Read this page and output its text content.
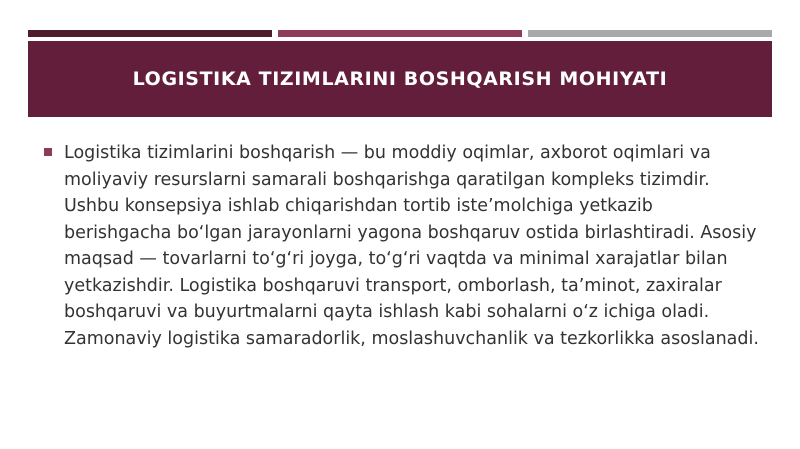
LOGISTIKA TIZIMLARINI BOSHQARISH MOHIYATI
Logistika tizimlarini boshqarish — bu moddiy oqimlar, axborot oqimlari va moliyaviy resurslarni samarali boshqarishga qaratilgan kompleks tizimdir. Ushbu konsepsiya ishlab chiqarishdan tortib iste’molchiga yetkazib berishgacha bo‘lgan jarayonlarni yagona boshqaruv ostida birlashtiradi. Asosiy maqsad — tovarlarni to‘g‘ri joyga, to‘g‘ri vaqtda va minimal xarajatlar bilan yetkazishdir. Logistika boshqaruvi transport, omborlash, ta’minot, zaxiralar boshqaruvi va buyurtmalarni qayta ishlash kabi sohalarni o‘z ichiga oladi. Zamonaviy logistika samaradorlik, moslashuvchanlik va tezkorlikka asoslanadi.
